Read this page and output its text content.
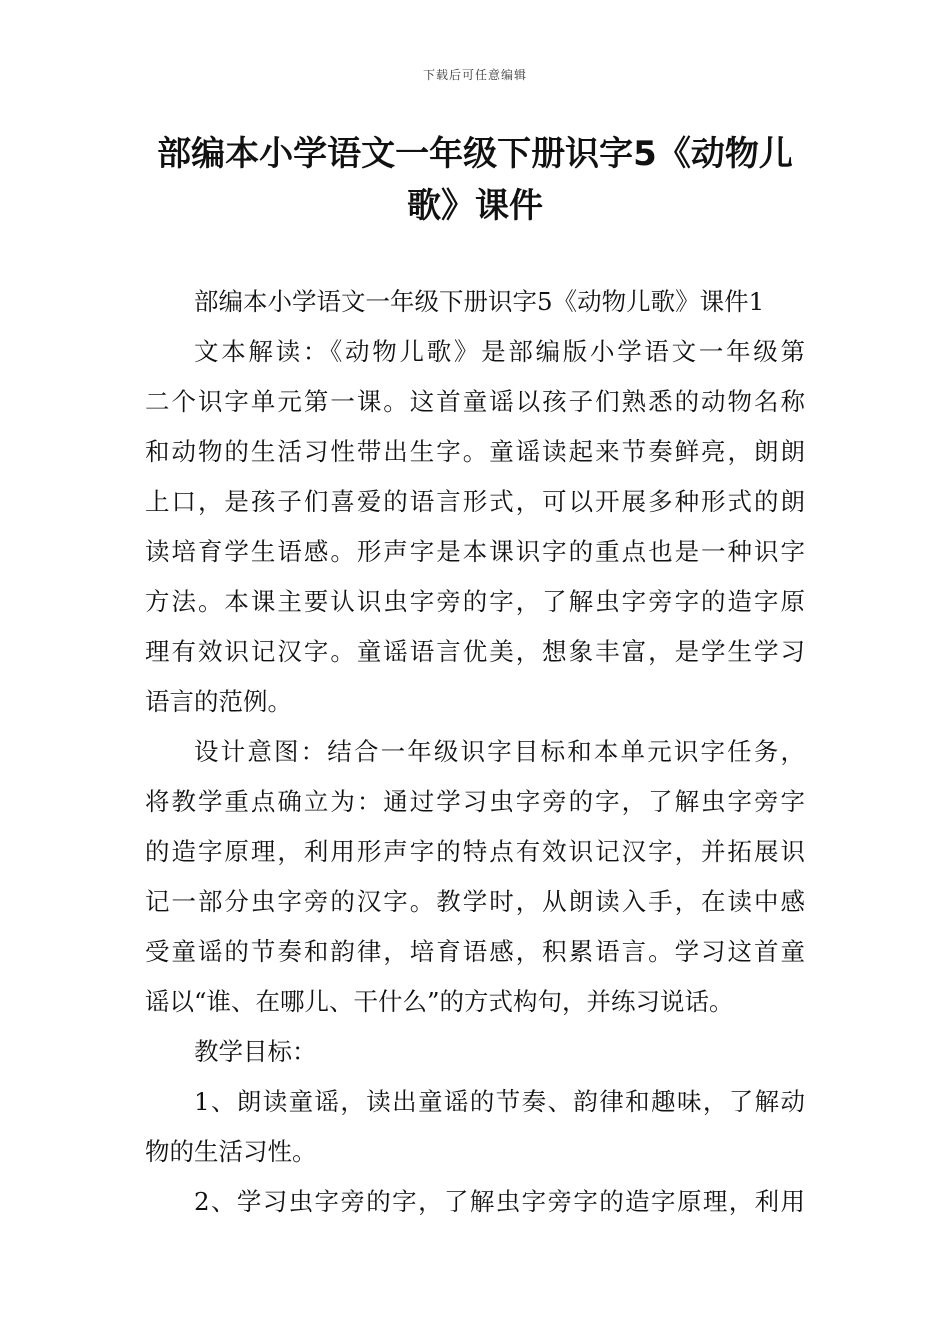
下载后可任意编辑
部编本小学语文一年级下册识字5《动物儿
歌》课件
部编本小学语文一年级下册识字5《动物儿歌》课件1
文本解读：《动物儿歌》是部编版小学语文一年级第
二个识字单元第一课。这首童谣以孩子们熟悉的动物名称
和动物的生活习性带出生字。童谣读起来节奏鲜亮，朗朗
上口，是孩子们喜爱的语言形式，可以开展多种形式的朗
读培育学生语感。形声字是本课识字的重点也是一种识字
方法。本课主要认识虫字旁的字，了解虫字旁字的造字原
理有效识记汉字。童谣语言优美，想象丰富，是学生学习
语言的范例。
设计意图：结合一年级识字目标和本单元识字任务，
将教学重点确立为：通过学习虫字旁的字，了解虫字旁字
的造字原理，利用形声字的特点有效识记汉字，并拓展识
记一部分虫字旁的汉字。教学时，从朗读入手，在读中感
受童谣的节奏和韵律，培育语感，积累语言。学习这首童
谣以“谁、在哪儿、干什么”的方式构句，并练习说话。
教学目标：
1、朗读童谣，读出童谣的节奏、韵律和趣味，了解动
物的生活习性。
2、学习虫字旁的字，了解虫字旁字的造字原理，利用
